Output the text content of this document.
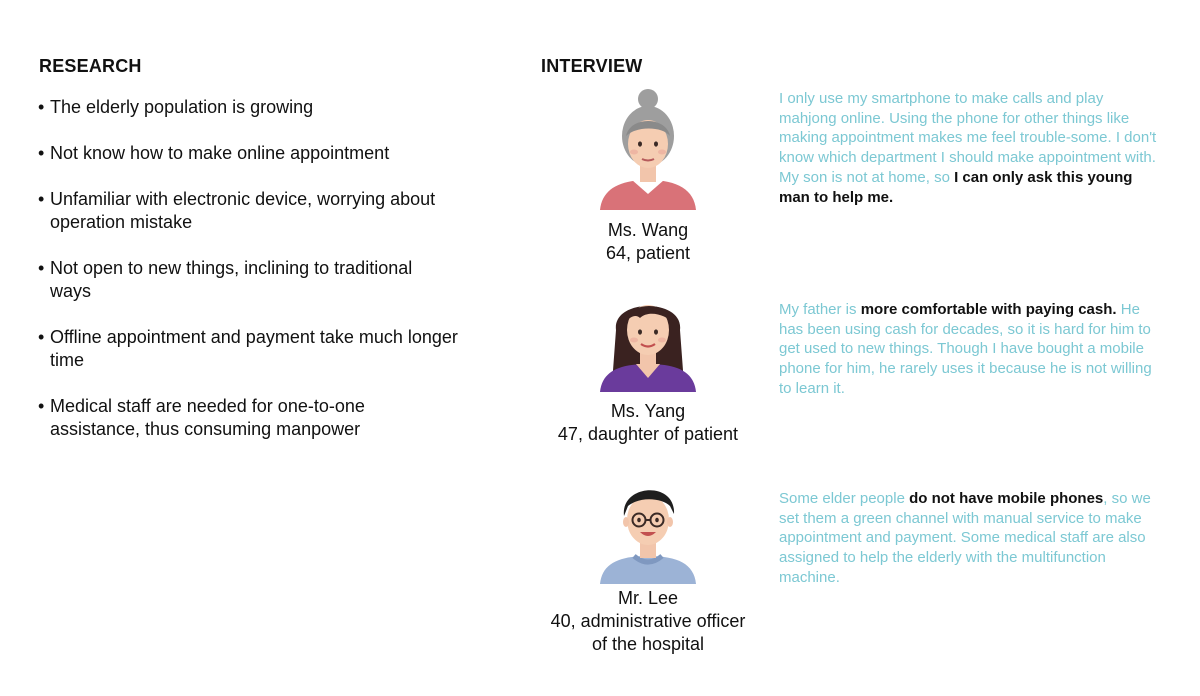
RESEARCH
• The elderly population is growing
• Not know how to make online appointment
• Unfamiliar with electronic device, worrying about operation mistake
• Not open to new things, inclining to traditional ways
• Offline appointment and payment take much longer time
• Medical staff are needed for one-to-one assistance, thus consuming manpower
INTERVIEW
Ms. Wang
64, patient
I only use my smartphone to make calls and play mahjong online. Using the phone for other things like making appointment makes me feel trouble-some. I don't know which department I should make appointment with. My son is not at home, so I can only ask this young man to help me.
Ms. Yang
47, daughter of patient
My father is more comfortable with paying cash. He has been using cash for decades, so it is hard for him to get used to new things. Though I have bought a mobile phone for him, he rarely uses it because he is not willing to learn it.
Mr. Lee
40, administrative officer
of the hospital
Some elder people do not have mobile phones, so we set them a green channel with manual service to make appointment and payment. Some medical staff are also assigned to help the elderly with the multifunction machine.
